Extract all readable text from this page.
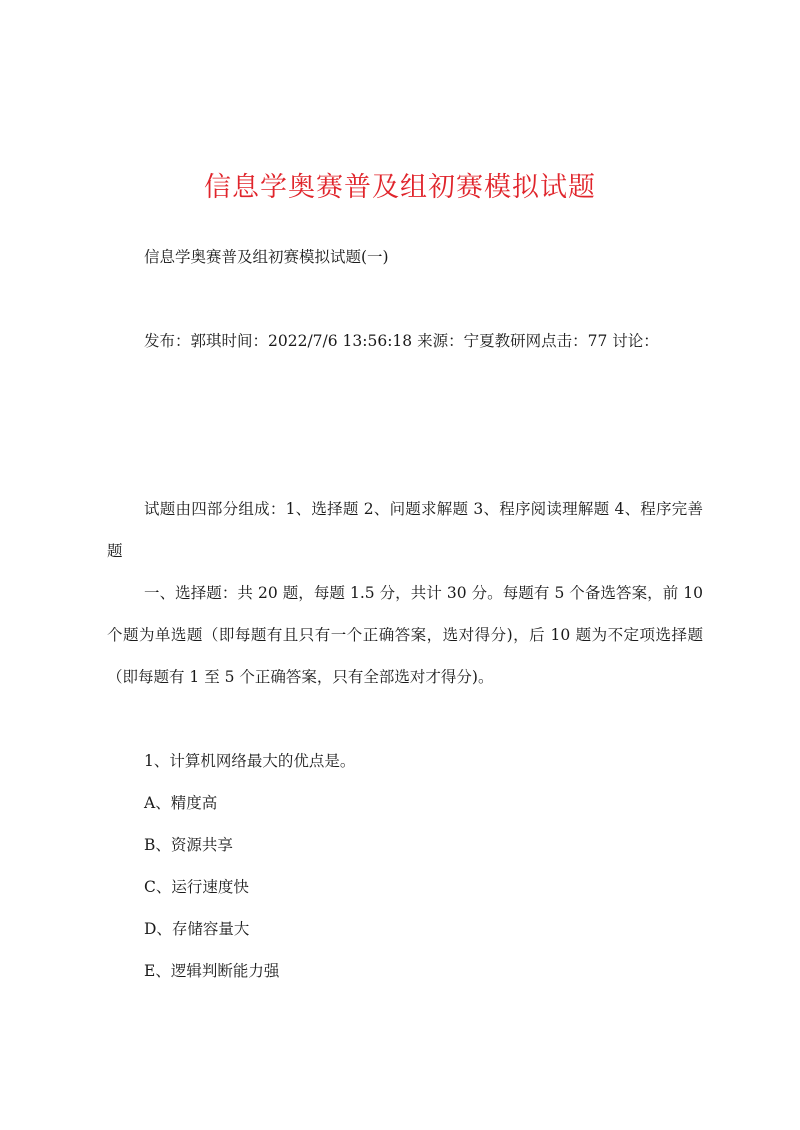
信息学奥赛普及组初赛模拟试题

信息学奥赛普及组初赛模拟试题(一)

发布：郭琪时间：2022/7/6 13:56:18 来源：宁夏教研网点击：77 讨论：

试题由四部分组成：1、选择题 2、问题求解题 3、程序阅读理解题 4、程序完善题

一、选择题：共 20 题，每题 1.5 分，共计 30 分。每题有 5 个备选答案，前 10 个题为单选题（即每题有且只有一个正确答案，选对得分)，后 10 题为不定项选择题（即每题有 1 至 5 个正确答案，只有全部选对才得分)。

1、计算机网络最大的优点是。

A、精度高

B、资源共享

C、运行速度快

D、存储容量大

E、逻辑判断能力强
